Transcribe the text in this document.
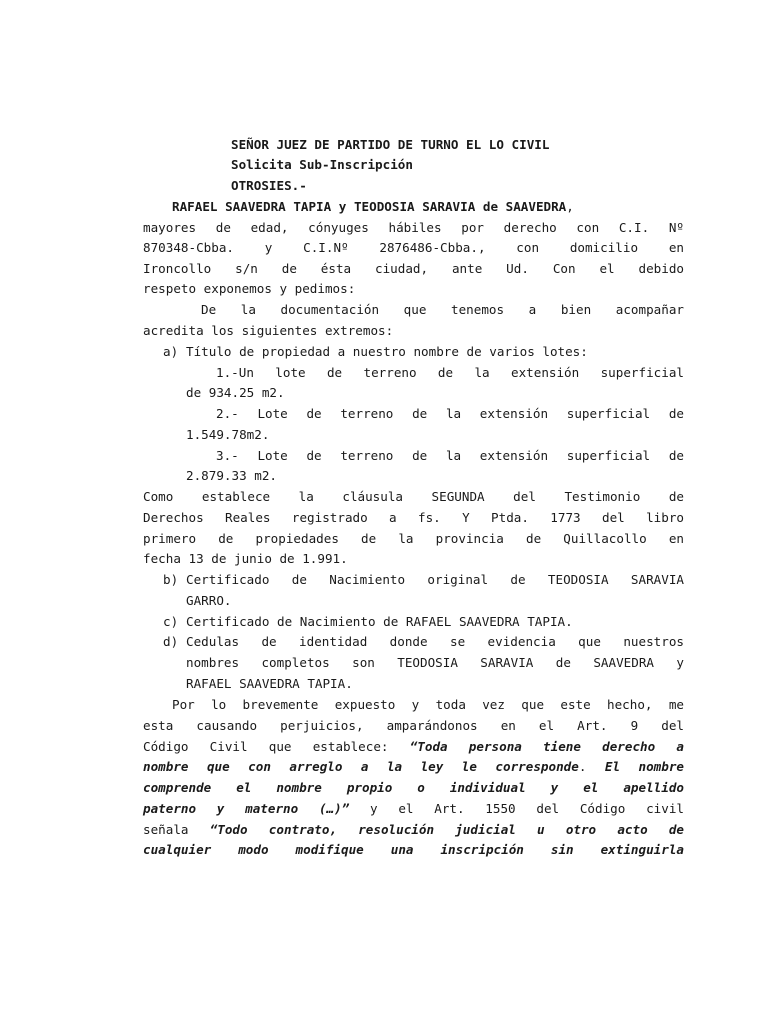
SEÑOR JUEZ DE PARTIDO DE TURNO EL LO CIVIL
Solicita Sub-Inscripción
OTROSIES.-
RAFAEL SAAVEDRA TAPIA y TEODOSIA SARAVIA de SAAVEDRA,
mayores de edad, cónyuges hábiles por derecho con C.I. Nº
870348-Cbba. y C.I.Nº 2876486-Cbba., con domicilio en
Ironcollo s/n de ésta ciudad, ante Ud. Con el debido
respeto exponemos y pedimos:
De la documentación que tenemos a bien acompañar
acredita los siguientes extremos:
a) Título de propiedad a nuestro nombre de varios lotes:
1.-Un lote de terreno de la extensión superficial
de 934.25 m2.
2.- Lote de terreno de la extensión superficial de
1.549.78m2.
3.- Lote de terreno de la extensión superficial de
2.879.33 m2.
Como establece la cláusula SEGUNDA del Testimonio de
Derechos Reales registrado a fs. Y Ptda. 1773 del libro
primero de propiedades de la provincia de Quillacollo en
fecha 13 de junio de 1.991.
b) Certificado de Nacimiento original de TEODOSIA SARAVIA
GARRO.
c) Certificado de Nacimiento de RAFAEL SAAVEDRA TAPIA.
d) Cedulas de identidad donde se evidencia que nuestros
nombres completos son TEODOSIA SARAVIA de SAAVEDRA y
RAFAEL SAAVEDRA TAPIA.
Por lo brevemente expuesto y toda vez que este hecho, me
esta causando perjuicios, amparándonos en el Art. 9 del
Código Civil que establece: “Toda persona tiene derecho a
nombre que con arreglo a la ley le corresponde. El nombre
comprende el nombre propio o individual y el apellido
paterno y materno (…)” y el Art. 1550 del Código civil
señala “Todo contrato, resolución judicial u otro acto de
cualquier modo modifique una inscripción sin extinguirla
